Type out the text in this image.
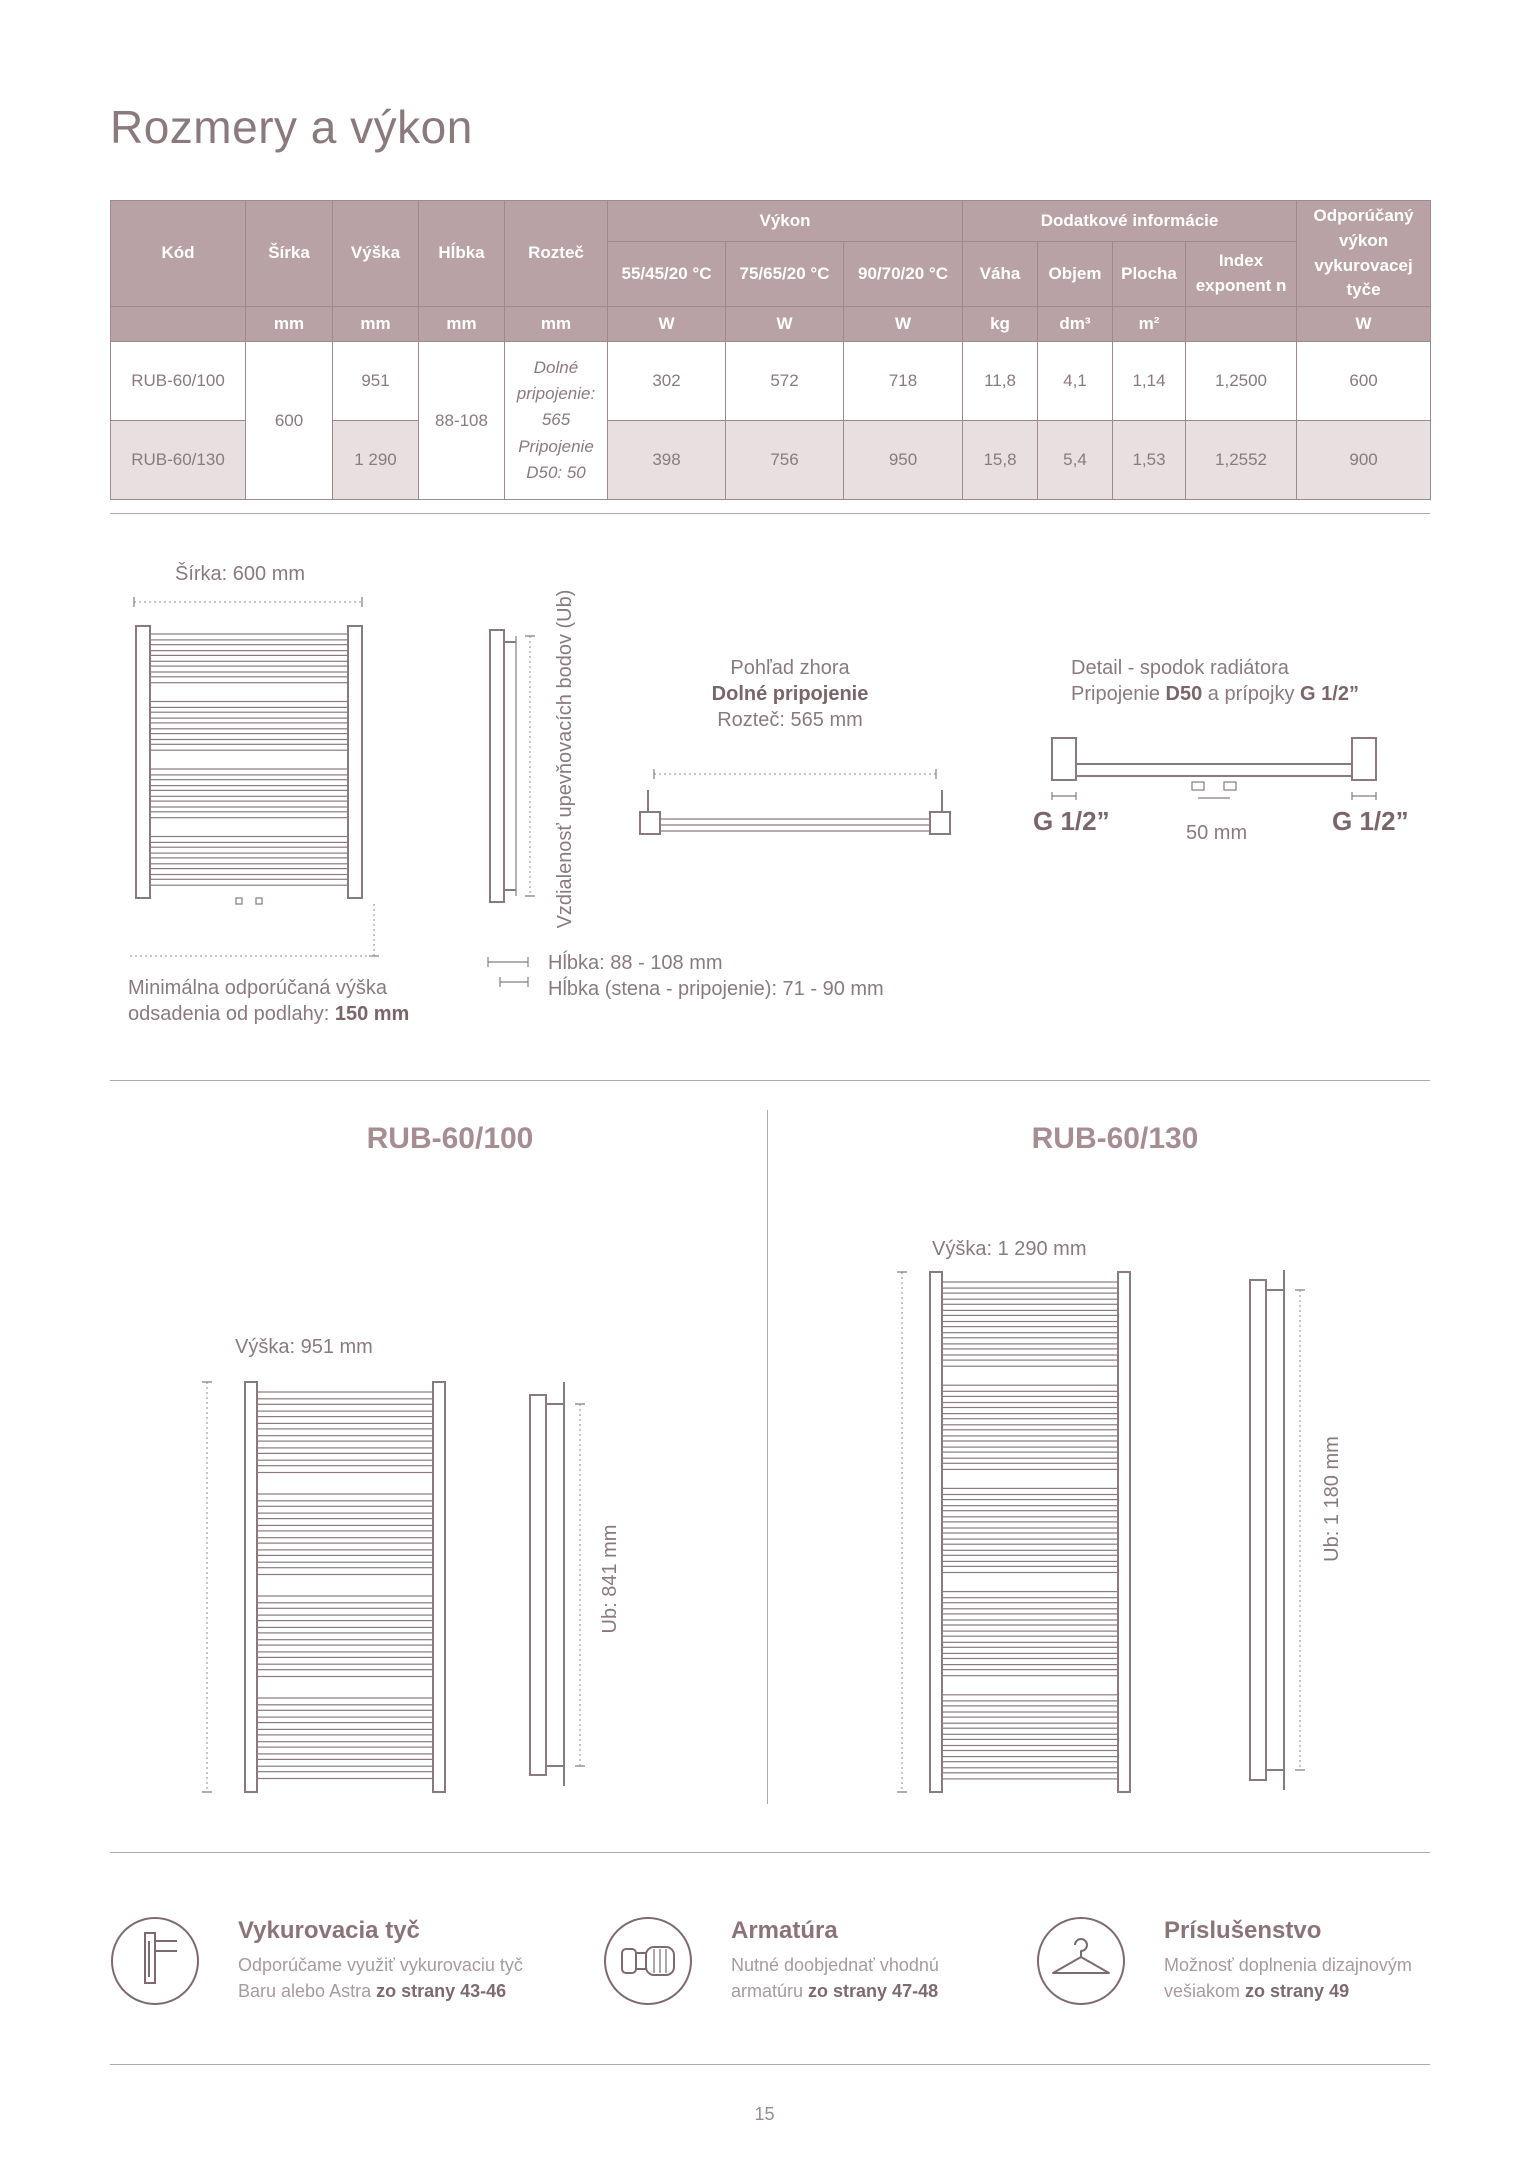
Rozmery a výkon
Kód	Šírka	Výška	Hĺbka	Rozteč	Výkon			Dodatkové informácie				Odporúčaný výkon vykurovacej tyče
					55/45/20 °C	75/65/20 °C	90/70/20 °C	Váha	Objem	Plocha	Index exponent n	
	mm	mm	mm	mm	W	W	W	kg	dm³	m²		W
RUB-60/100	600	951	88-108	Dolné pripojenie: 565 Pripojenie D50: 50	302	572	718	11,8	4,1	1,14	1,2500	600
RUB-60/130		1 290			398	756	950	15,8	5,4	1,53	1,2552	900
Šírka: 600 mm
Vzdialenosť upevňovacích bodov (Ub)	Pohľad zhora
Dolné pripojenie
Rozteč: 565 mm
Detail - spodok radiátora
Pripojenie D50 a prípojky G 1/2”
G 1/2”	G 1/2”
50 mm
Minimálna odporúčaná výška
odsadenia od podlahy: 150 mm
Hĺbka: 88 - 108 mm
Hĺbka (stena - pripojenie): 71 - 90 mm
RUB-60/100	RUB-60/130
Výška: 951 mm
Ub: 841 mm
Výška: 1 290 mm
Ub: 1 180 mm
Vykurovacia tyč
Odporúčame využiť vykurovaciu tyč
Baru alebo Astra zo strany 43-46
Armatúra
Nutné doobjednať vhodnú
armatúru zo strany 47-48
Príslušenstvo
Možnosť doplnenia dizajnovým
vešiakom zo strany 49
15
